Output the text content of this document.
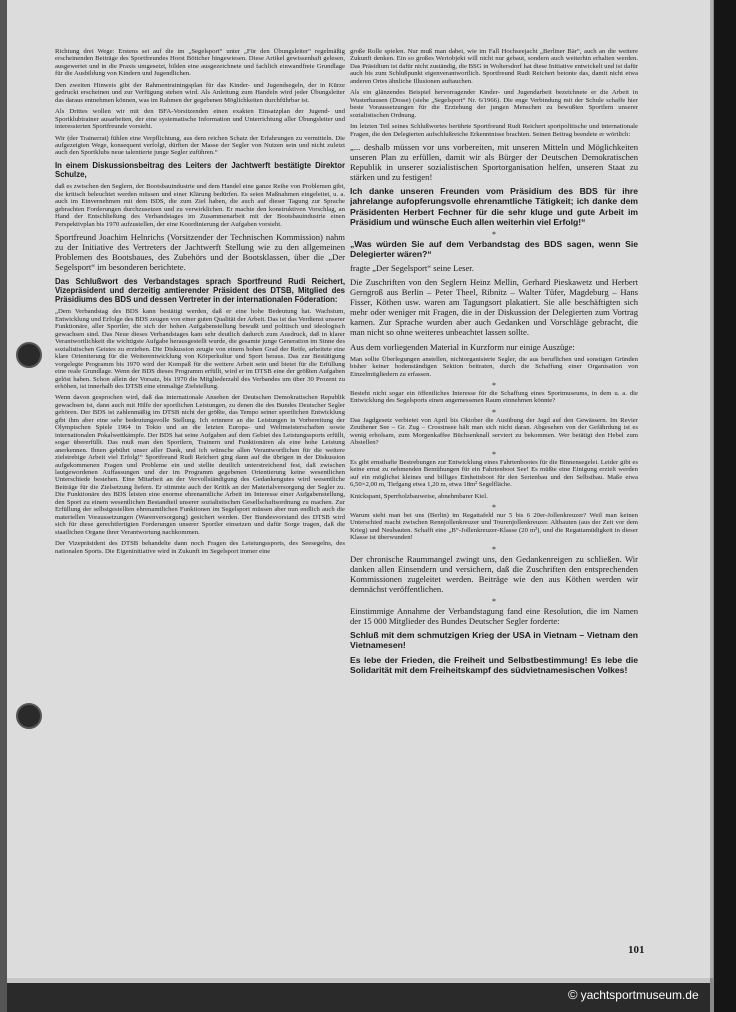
Richtung drei Wege: Erstens sei auf die im „Segelsport“ unter „Für den Übungsleiter“ regelmäßig erscheinenden Beiträge des Sportfreundes Horst Böttcher hingewiesen. Diese Artikel gewissenhaft gelesen, ausgewertet und in die Praxis umgesetzt, bilden eine ausgezeichnete und fachlich einwandfreie Grundlage für die Ausbildung von Kindern und Jugendlichen.

Den zweiten Hinweis gibt der Rahmentrainingsplan für das Kinder- und Jugendsegeln, der in Kürze gedruckt erscheinen und zur Verfügung stehen wird. Als Anleitung zum Handeln wird jeder Übungsleiter das daraus entnehmen können, was im Rahmen der gegebenen Möglichkeiten durchführbar ist.

Als Drittes wollen wir mit den BFA-Vorsitzenden einen exakten Einsatzplan der Jugend- und Sportklubtrainer ausarbeiten, der eine systematische Information und Unterrichtung aller Übungsleiter und interessierten Sportfreunde vorsieht.

Wir (der Trainerrat) fühlen eine Verpflichtung, aus dem reichen Schatz der Erfahrungen zu vermitteln. Die aufgezeigten Wege, konsequent verfolgt, dürften der Masse der Segler von Nutzen sein und nicht zuletzt auch den Sportklubs neue talentierte junge Segler zuführen.“

In einem Diskussionsbeitrag des Leiters der Jachtwerft bestätigte Direktor Schulze,

daß es zwischen den Seglern, der Bootsbauindustrie und dem Handel eine ganze Reihe von Problemen gibt, die kritisch beleuchtet werden müssen und einer Klärung bedürfen. Es seien Maßnahmen eingeleitet, u. a. auch im Einvernehmen mit dem BDS, die zum Ziel haben, die auch auf dieser Tagung zur Sprache gebrachten Forderungen durchzusetzen und zu verwirklichen. Er machte den konstruktiven Vorschlag, an Hand der Entschließung des Verbandstages im Zusammenarbeit mit der Bootsbauindustrie einen Perspektivplan bis 1970 aufzustellen, der eine Koordinierung der Aufgaben vorsieht.

Sportfreund Joachim Helnrichs (Vorsitzender der Technischen Kommission) nahm zu der Initiative des Vertreters der Jachtwerft Stellung wie zu den allgemeinen Problemen des Bootsbaues, des Zubehörs und der Bootsklassen, über die „Der Segelsport“ im besonderen berichtete.

Das Schlußwort des Verbandstages sprach Sportfreund Rudi Reichert, Vizepräsident und derzeitig amtierender Präsident des DTSB, Mitglied des Präsidiums des BDS und dessen Vertreter in der internationalen Föderation:

„Dem Verbandstag des BDS kann bestätigt werden, daß er eine hohe Bedeutung hat. Wachstum, Entwicklung und Erfolge des BDS zeugen von einer guten Qualität der Arbeit. Das ist das Verdienst unserer Funktionäre, aller Sportler, die sich der hohen Aufgabenstellung bewußt und politisch und ideologisch gewachsen sind. Das Neue dieses Verbandstages kam sehr deutlich dadurch zum Ausdruck, daß in klarer Verantwortlichkeit die wichtigste Aufgabe herausgestellt wurde, die gesamte junge Generation im Sinne des sozialistischen Geistes zu erziehen. Die Diskussion zeugte von einem hohen Grad der Reife, arbeitete eine klare Orientierung für die Weiterentwicklung von Körperkultur und Sport heraus. Das zur Bestätigung vorgelegte Programm bis 1970 wird der Kompaß für die weitere Arbeit sein und bietet für die Erfüllung eine reale Grundlage. Wenn der BDS dieses Programm erfüllt, wird er im DTSB eine der größten Aufgaben gelöst haben. Schon allein der Vorsatz, bis 1970 die Mitgliederzahl des Verbandes um über 30 Prozent zu erhöhen, ist innerhalb des DTSB eine einmalige Zielstellung.

Wenn davon gesprochen wird, daß das internationale Ansehen der Deutschen Demokratischen Republik gewachsen ist, dann auch mit Hilfe der sportlichen Leistungen, zu denen die des Bundes Deutscher Segler gehören. Der BDS ist zahlenmäßig im DTSB nicht der größte, das Tempo seiner sportlichen Entwicklung gibt ihm aber eine sehr bedeutungsvolle Stellung. Ich erinnere an die Leistungen in Vorbereitung der Olympischen Spiele 1964 in Tokio und an die letzten Europa- und Weltmeisterschaften sowie internationalen Pokalwettkämpfe. Der BDS hat seine Aufgaben auf dem Gebiet des Leistungssports erfüllt, sogar übererfüllt. Das muß man den Sportlern, Trainern und Funktionären als eine hohe Leistung anerkennen. Ihnen gebührt unser aller Dank, und ich wünsche allen Verantwortlichen für die weitere zielstrebige Arbeit viel Erfolg!“ Sportfreund Rudi Reichert ging dann auf die übrigen in der Diskussion aufgekommenen Fragen und Probleme ein und stellte deutlich unterstreichend fest, daß zwischen lautgewordenen Auffassungen und der im Programm gegebenen Orientierung keine wesentlichen Unterschiede bestehen. Eine Mitarbeit an der Vervollständigung des Gedankengutes wird wesentliche Beiträge für die Zielsetzung liefern. Er stimmte auch der Kritik an der Materialversorgung der Segler zu. Die Funktionäre des BDS leisten eine enorme ehrenamtliche Arbeit im Interesse einer Aufgabenstellung, den Sport zu einem wesentlichen Bestandteil unserer sozialistischen Gesellschaftsordnung zu machen. Zur Erfüllung der selbstgestellten ehrenamtlichen Funktionen im Segelsport müssen aber nun endlich auch die materiellen Voraussetzungen (Warenversorgung) gesichert werden. Der Bundesvorstand des DTSB wird sich für diese gerechtfertigten Forderungen unserer Sportler einsetzen und dafür Sorge tragen, daß die staatlichen Organe ihrer Verantwortung nachkommen.

Der Vizepräsident des DTSB behandelte dann noch Fragen des Leistungssports, des Seesegelns, des nationalen Sports. Die Eigeninitiative wird in Zukunft im Segelsport immer eine

große Rolle spielen. Nur muß man dabei, wie im Fall Hochseejacht „Berliner Bär“, auch an die weitere Zukunft denken. Ein so großes Wertobjekt will nicht nur gebaut, sondern auch weiterhin erhalten werden. Das Präsidium ist dafür nicht zuständig, die BSG in Woltersdorf hat diese Initiative entwickelt und ist dafür auch bis zum Schlußpunkt eigenverantwortlich. Sportfreund Rudi Reichert betonte das, damit nicht etwa anderen Ortes ähnliche Illusionen auftauchen.

Als ein glänzendes Beispiel hervorragender Kinder- und Jugendarbeit bezeichnete er die Arbeit in Wusterhausen (Dosse) (siehe „Segelsport“ Nr. 6/1966). Die enge Verbindung mit der Schule schaffe hier beste Voraussetzungen für die Erziehung der jungen Menschen zu bewußten Sportlern unserer sozialistischen Ordnung.

Im letzten Teil seines Schlußwortes berührte Sportfreund Rudi Reichert sportpolitische und internationale Fragen, die den Delegierten aufschlußreiche Erkenntnisse brachten. Seinen Beitrag beendete er wörtlich:

„... deshalb müssen vor uns vorbereiten, mit unseren Mitteln und Möglichkeiten unseren Plan zu erfüllen, damit wir als Bürger der Deutschen Demokratischen Republik in unserer sozialistischen Sportorganisation helfen, unseren Staat zu stärken und zu festigen!

Ich danke unseren Freunden vom Präsidium des BDS für ihre jahrelange aufopferungsvolle ehrenamtliche Tätigkeit; ich danke dem Präsidenten Herbert Fechner für die sehr kluge und gute Arbeit im Präsidium und wünsche Euch allen weiterhin viel Erfolg!“

*

„Was würden Sie auf dem Verbandstag des BDS sagen, wenn Sie Delegierter wären?“

fragte „Der Segelsport“ seine Leser.

Die Zuschriften von den Seglern Heinz Mellin, Gerhard Pieskawetz und Herbert Gerngroß aus Berlin – Peter Theel, Ribnitz – Walter Tüfer, Magdeburg – Hans Fisser, Köthen usw. waren am Tagungsort plakatiert. Sie alle beschäftigten sich mehr oder weniger mit Fragen, die in der Diskussion der Delegierten zum Vortrag kamen. Zur Sprache wurden aber auch Gedanken und Vorschläge gebracht, die man nicht so ohne weiteres unbeachtet lassen sollte.

Aus dem vorliegenden Material in Kurzform nur einige Auszüge:

Man sollte Überlegungen anstellen, nichtorganisierte Segler, die aus beruflichen und sonstigen Gründen bisher keiner bodenständigen Sektion beitraten, durch die Schaffung einer Organisation von Einzelmitgliedern zu erfassen.

*

Besteht nicht sogar ein öffentliches Interesse für die Schaffung eines Sportmuseums, in dem u. a. die Entwicklung des Segelsports einen angemessenen Raum einnehmen könnte?

*

Das Jagdgesetz verbietet von April bis Oktober die Ausübung der Jagd auf den Gewässern. Im Revier Zeuthener See – Gr. Zug – Crossinsee hält man sich nicht daran. Abgesehen von der Gefährdung ist es wenig erholsam, zum Morgenkaffee Büchsenknall serviert zu bekommen. Wer betätigt den Hebel zum Abstellen?

*

Es gibt ernsthafte Bestrebungen zur Entwicklung eines Fahrtenbootes für die Binnensegelei. Leider gibt es keine ernst zu nehmenden Bemühungen für ein Fahrtenboot See! Es müßte eine Einigung erzielt werden auf ein möglichst kleines und billiges Einheitsboot für den Serienbau und den Selbstbau. Maße etwa 6,50×2,00 m, Tiefgang etwa 1,20 m, etwa 18m² Segelfläche.

Knickspant, Sperrholzbauweise, abnehmbarer Kiel.

*

Warum sieht man bei uns (Berlin) im Regattafeld nur 5 bis 6 20er-Jollenkreuzer? Weil man keinen Unterschied macht zwischen Rennjollenkreuzer und Tourenjollenkreuzer. Altbauten (aus der Zeit vor dem Krieg) und Neubauten. Schafft eine „B“-Jollenkreuzer-Klasse (20 m²), und die Regattamüdigkeit in dieser Klasse ist überwunden!

*

Der chronische Raummangel zwingt uns, den Gedankenreigen zu schließen. Wir danken allen Einsendern und versichern, daß die Zuschriften den entsprechenden Kommissionen zugeleitet werden. Beiträge wie den aus Köthen werden wir demnächst veröffentlichen.

*

Einstimmige Annahme der Verbandstagung fand eine Resolution, die im Namen der 15 000 Mitglieder des Bundes Deutscher Segler forderte:

Schluß mit dem schmutzigen Krieg der USA in Vietnam – Vietnam den Vietnamesen!

Es lebe der Frieden, die Freiheit und Selbstbestimmung! Es lebe die Solidarität mit dem Freiheitskampf des südvietnamesischen Volkes!

101
© yachtsportmuseum.de
